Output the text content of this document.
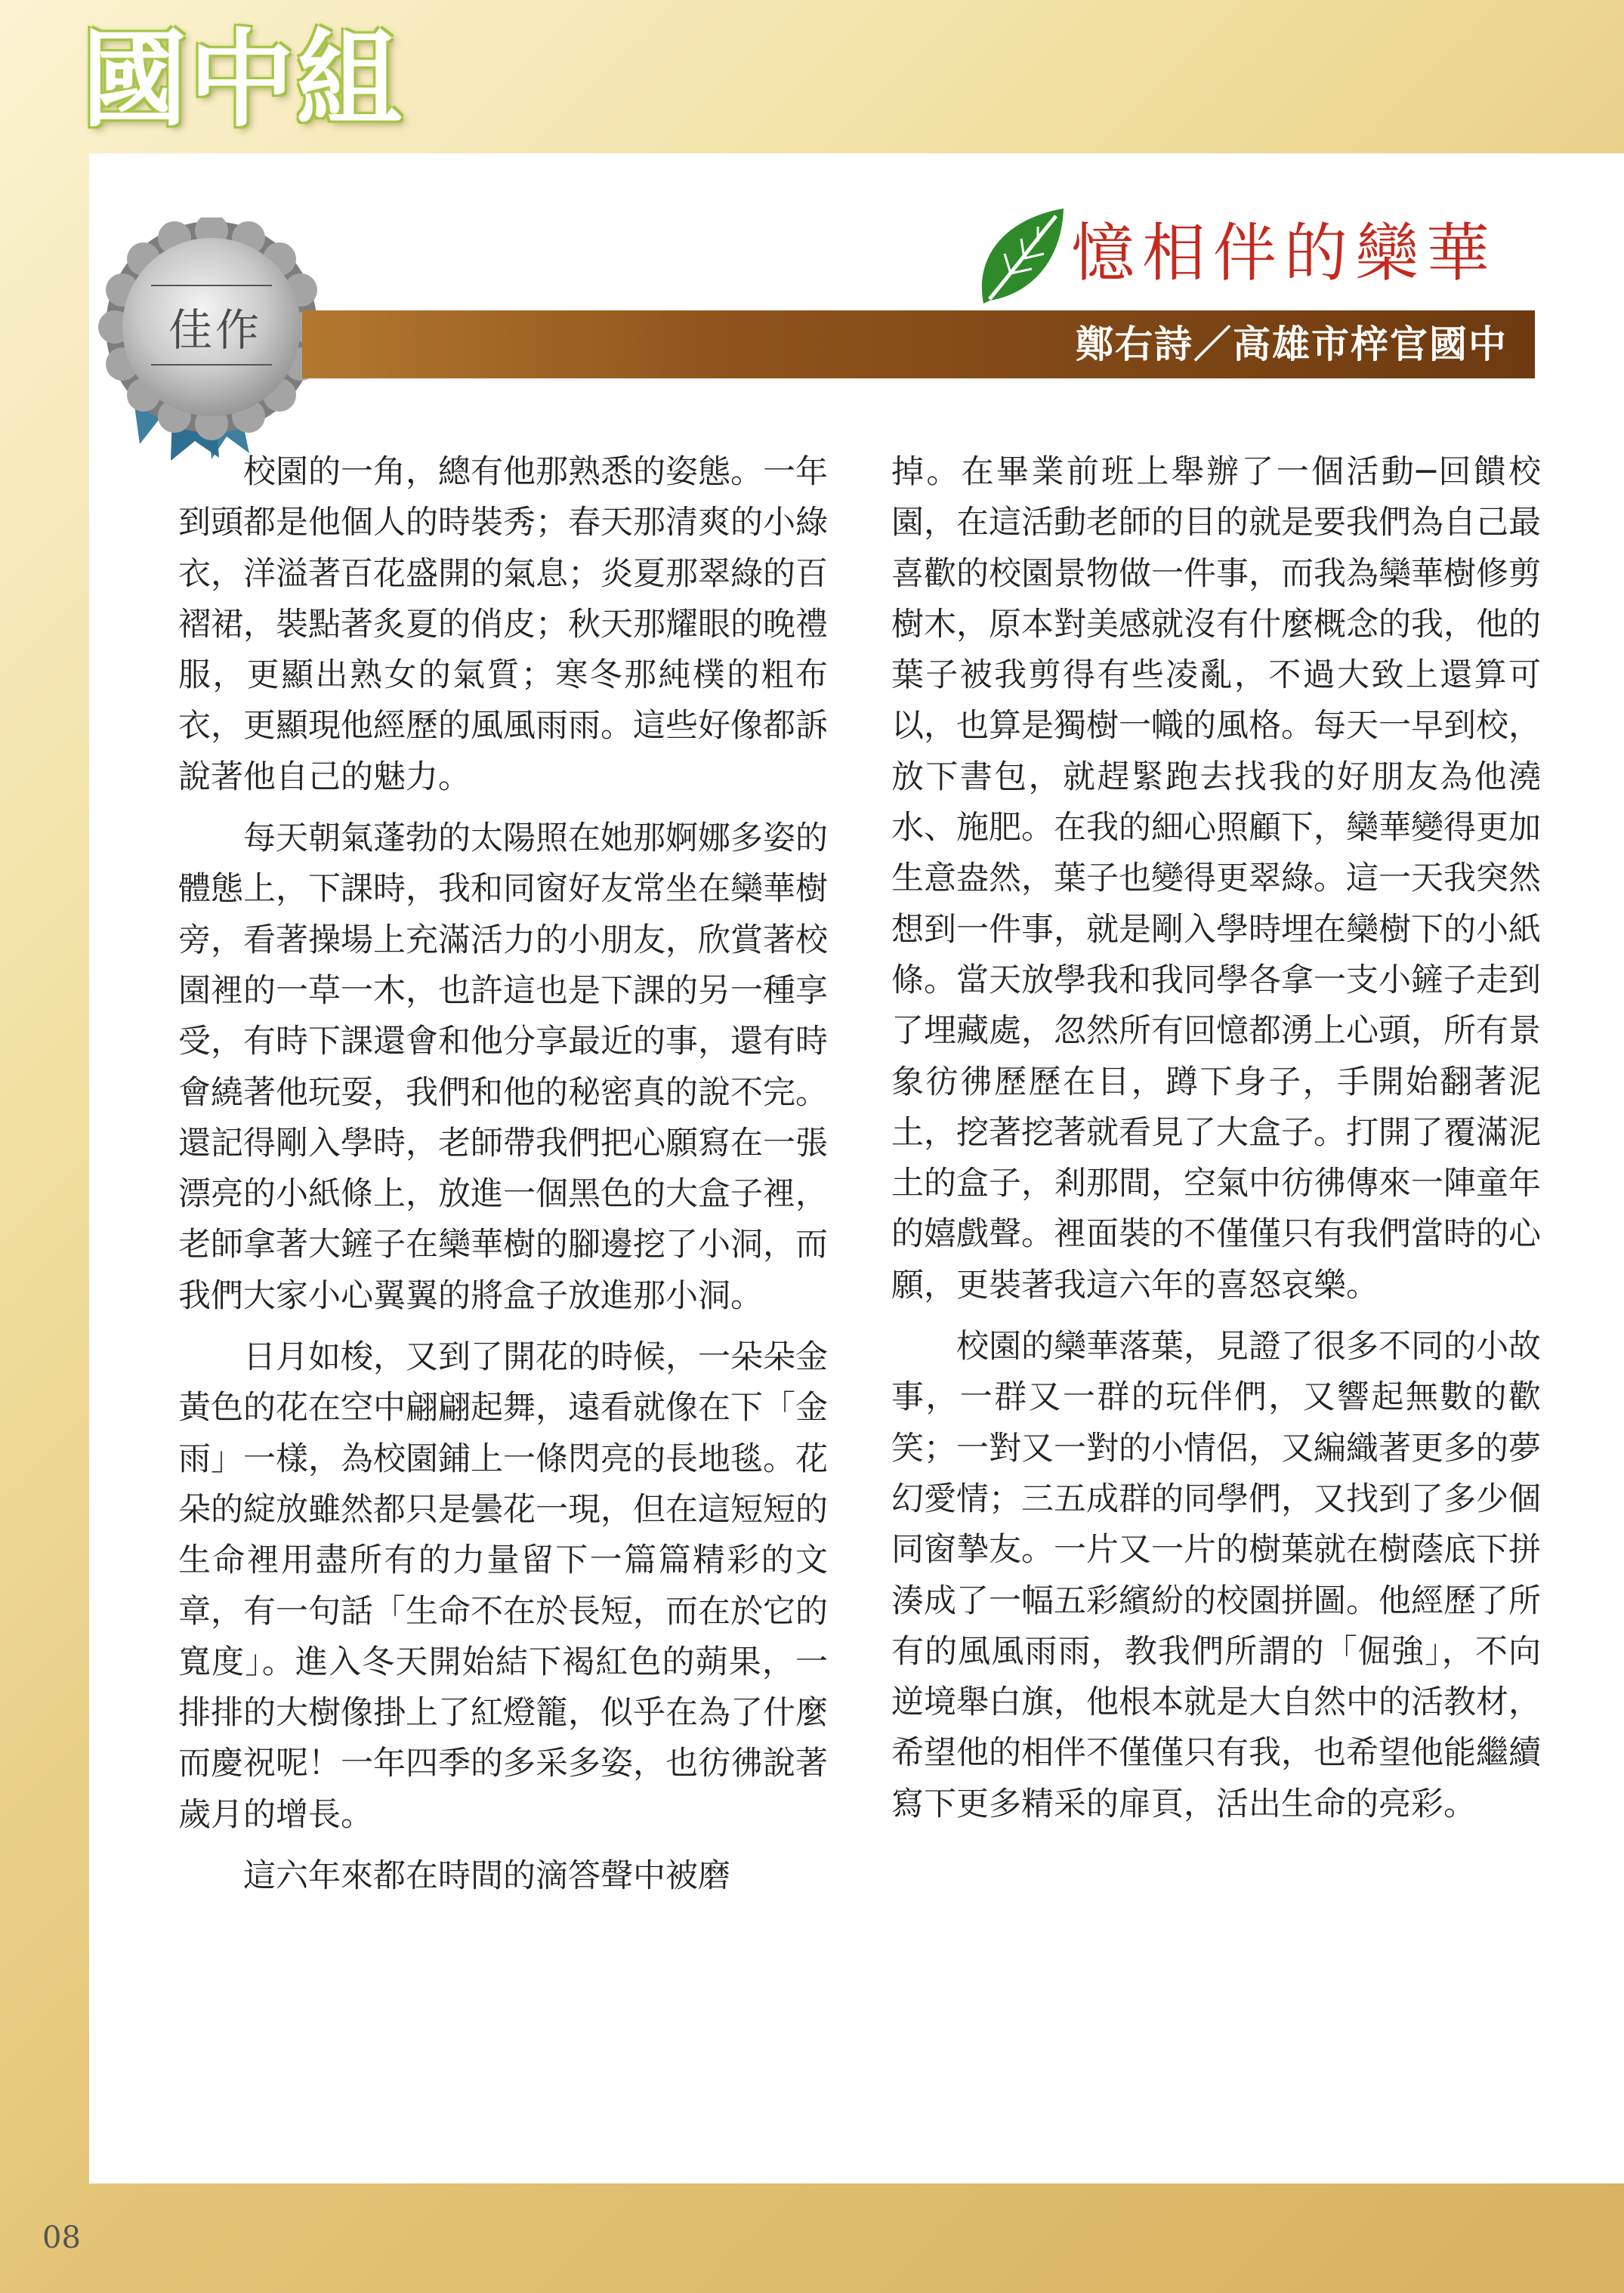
國中組
佳作
憶相伴的欒華
鄭右詩／高雄市梓官國中

校園的一角，總有他那熟悉的姿態。一年到頭都是他個人的時裝秀；春天那清爽的小綠衣，洋溢著百花盛開的氣息；炎夏那翠綠的百褶裙，裝點著炙夏的俏皮；秋天那耀眼的晚禮服，更顯出熟女的氣質；寒冬那純樸的粗布衣，更顯現他經歷的風風雨雨。這些好像都訴說著他自己的魅力。

每天朝氣蓬勃的太陽照在她那婀娜多姿的體態上，下課時，我和同窗好友常坐在欒華樹旁，看著操場上充滿活力的小朋友，欣賞著校園裡的一草一木，也許這也是下課的另一種享受，有時下課還會和他分享最近的事，還有時會繞著他玩耍，我們和他的秘密真的說不完。還記得剛入學時，老師帶我們把心願寫在一張漂亮的小紙條上，放進一個黑色的大盒子裡，老師拿著大鏟子在欒華樹的腳邊挖了小洞，而我們大家小心翼翼的將盒子放進那小洞。

日月如梭，又到了開花的時候，一朵朵金黃色的花在空中翩翩起舞，遠看就像在下「金雨」一樣，為校園鋪上一條閃亮的長地毯。花朵的綻放雖然都只是曇花一現，但在這短短的生命裡用盡所有的力量留下一篇篇精彩的文章，有一句話「生命不在於長短，而在於它的寬度」。進入冬天開始結下褐紅色的蒴果，一排排的大樹像掛上了紅燈籠，似乎在為了什麼而慶祝呢！一年四季的多采多姿，也彷彿說著歲月的增長。

這六年來都在時間的滴答聲中被磨

掉。在畢業前班上舉辦了一個活動─回饋校園，在這活動老師的目的就是要我們為自己最喜歡的校園景物做一件事，而我為欒華樹修剪樹木，原本對美感就沒有什麼概念的我，他的葉子被我剪得有些凌亂，不過大致上還算可以，也算是獨樹一幟的風格。每天一早到校，放下書包，就趕緊跑去找我的好朋友為他澆水、施肥。在我的細心照顧下，欒華變得更加生意盎然，葉子也變得更翠綠。這一天我突然想到一件事，就是剛入學時埋在欒樹下的小紙條。當天放學我和我同學各拿一支小鏟子走到了埋藏處，忽然所有回憶都湧上心頭，所有景象彷彿歷歷在目，蹲下身子，手開始翻著泥土，挖著挖著就看見了大盒子。打開了覆滿泥土的盒子，剎那間，空氣中彷彿傳來一陣童年的嬉戲聲。裡面裝的不僅僅只有我們當時的心願，更裝著我這六年的喜怒哀樂。

校園的欒華落葉，見證了很多不同的小故事，一群又一群的玩伴們，又響起無數的歡笑；一對又一對的小情侶，又編織著更多的夢幻愛情；三五成群的同學們，又找到了多少個同窗摯友。一片又一片的樹葉就在樹蔭底下拼湊成了一幅五彩繽紛的校園拼圖。他經歷了所有的風風雨雨，教我們所謂的「倔強」，不向逆境舉白旗，他根本就是大自然中的活教材，希望他的相伴不僅僅只有我，也希望他能繼續寫下更多精采的扉頁，活出生命的亮彩。

08
